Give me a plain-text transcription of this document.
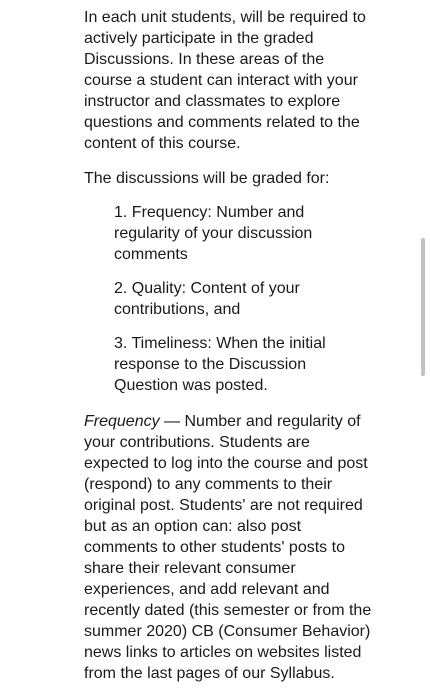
In each unit students, will be required to actively participate in the graded Discussions. In these areas of the course a student can interact with your instructor and classmates to explore questions and comments related to the content of this course.

The discussions will be graded for:

1. Frequency: Number and regularity of your discussion comments

2. Quality: Content of your contributions, and

3. Timeliness: When the initial response to the Discussion Question was posted.

Frequency — Number and regularity of your contributions. Students are expected to log into the course and post (respond) to any comments to their original post. Students' are not required but as an option can: also post comments to other students' posts to share their relevant consumer experiences, and add relevant and recently dated (this semester or from the summer 2020) CB (Consumer Behavior) news links to articles on websites listed from the last pages of our Syllabus.
